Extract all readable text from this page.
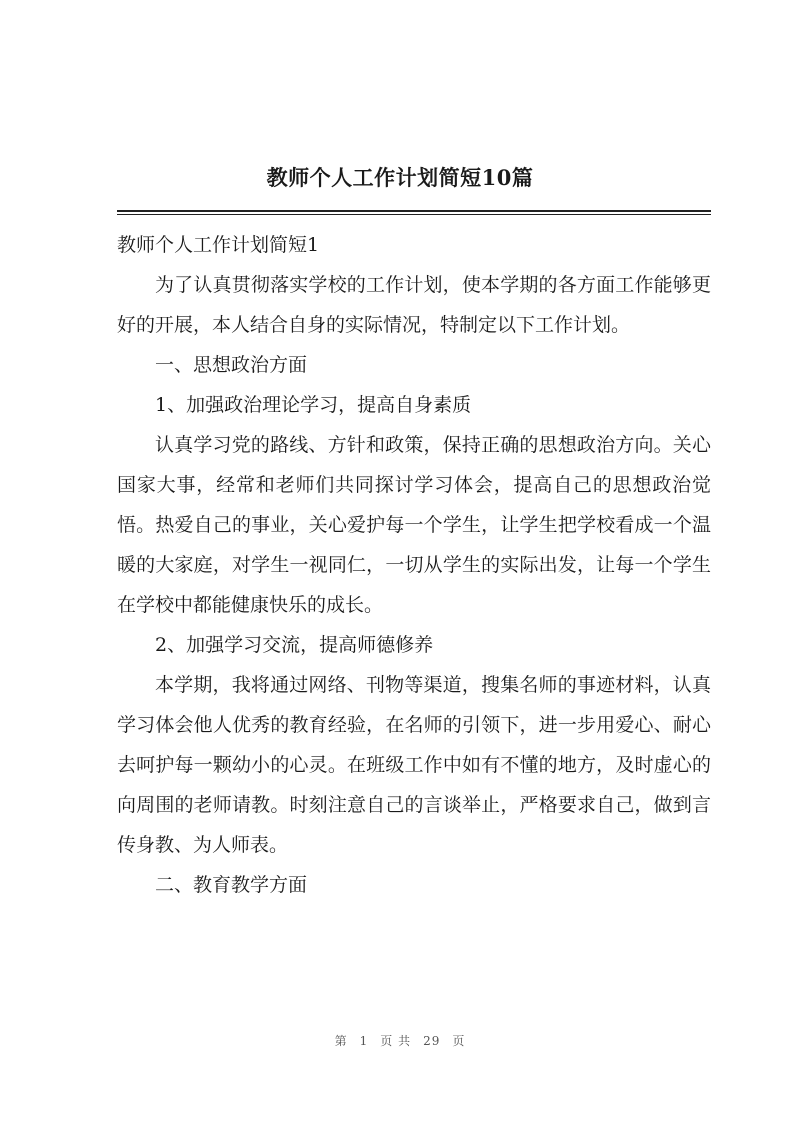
教师个人工作计划简短10篇

教师个人工作计划简短1

为了认真贯彻落实学校的工作计划，使本学期的各方面工作能够更好的开展，本人结合自身的实际情况，特制定以下工作计划。

一、思想政治方面

1、加强政治理论学习，提高自身素质

认真学习党的路线、方针和政策，保持正确的思想政治方向。关心国家大事，经常和老师们共同探讨学习体会，提高自己的思想政治觉悟。热爱自己的事业，关心爱护每一个学生，让学生把学校看成一个温暖的大家庭，对学生一视同仁，一切从学生的实际出发，让每一个学生在学校中都能健康快乐的成长。

2、加强学习交流，提高师德修养

本学期，我将通过网络、刊物等渠道，搜集名师的事迹材料，认真学习体会他人优秀的教育经验，在名师的引领下，进一步用爱心、耐心去呵护每一颗幼小的心灵。在班级工作中如有不懂的地方，及时虚心的向周围的老师请教。时刻注意自己的言谈举止，严格要求自己，做到言传身教、为人师表。

二、教育教学方面

第 1 页 共 29 页
